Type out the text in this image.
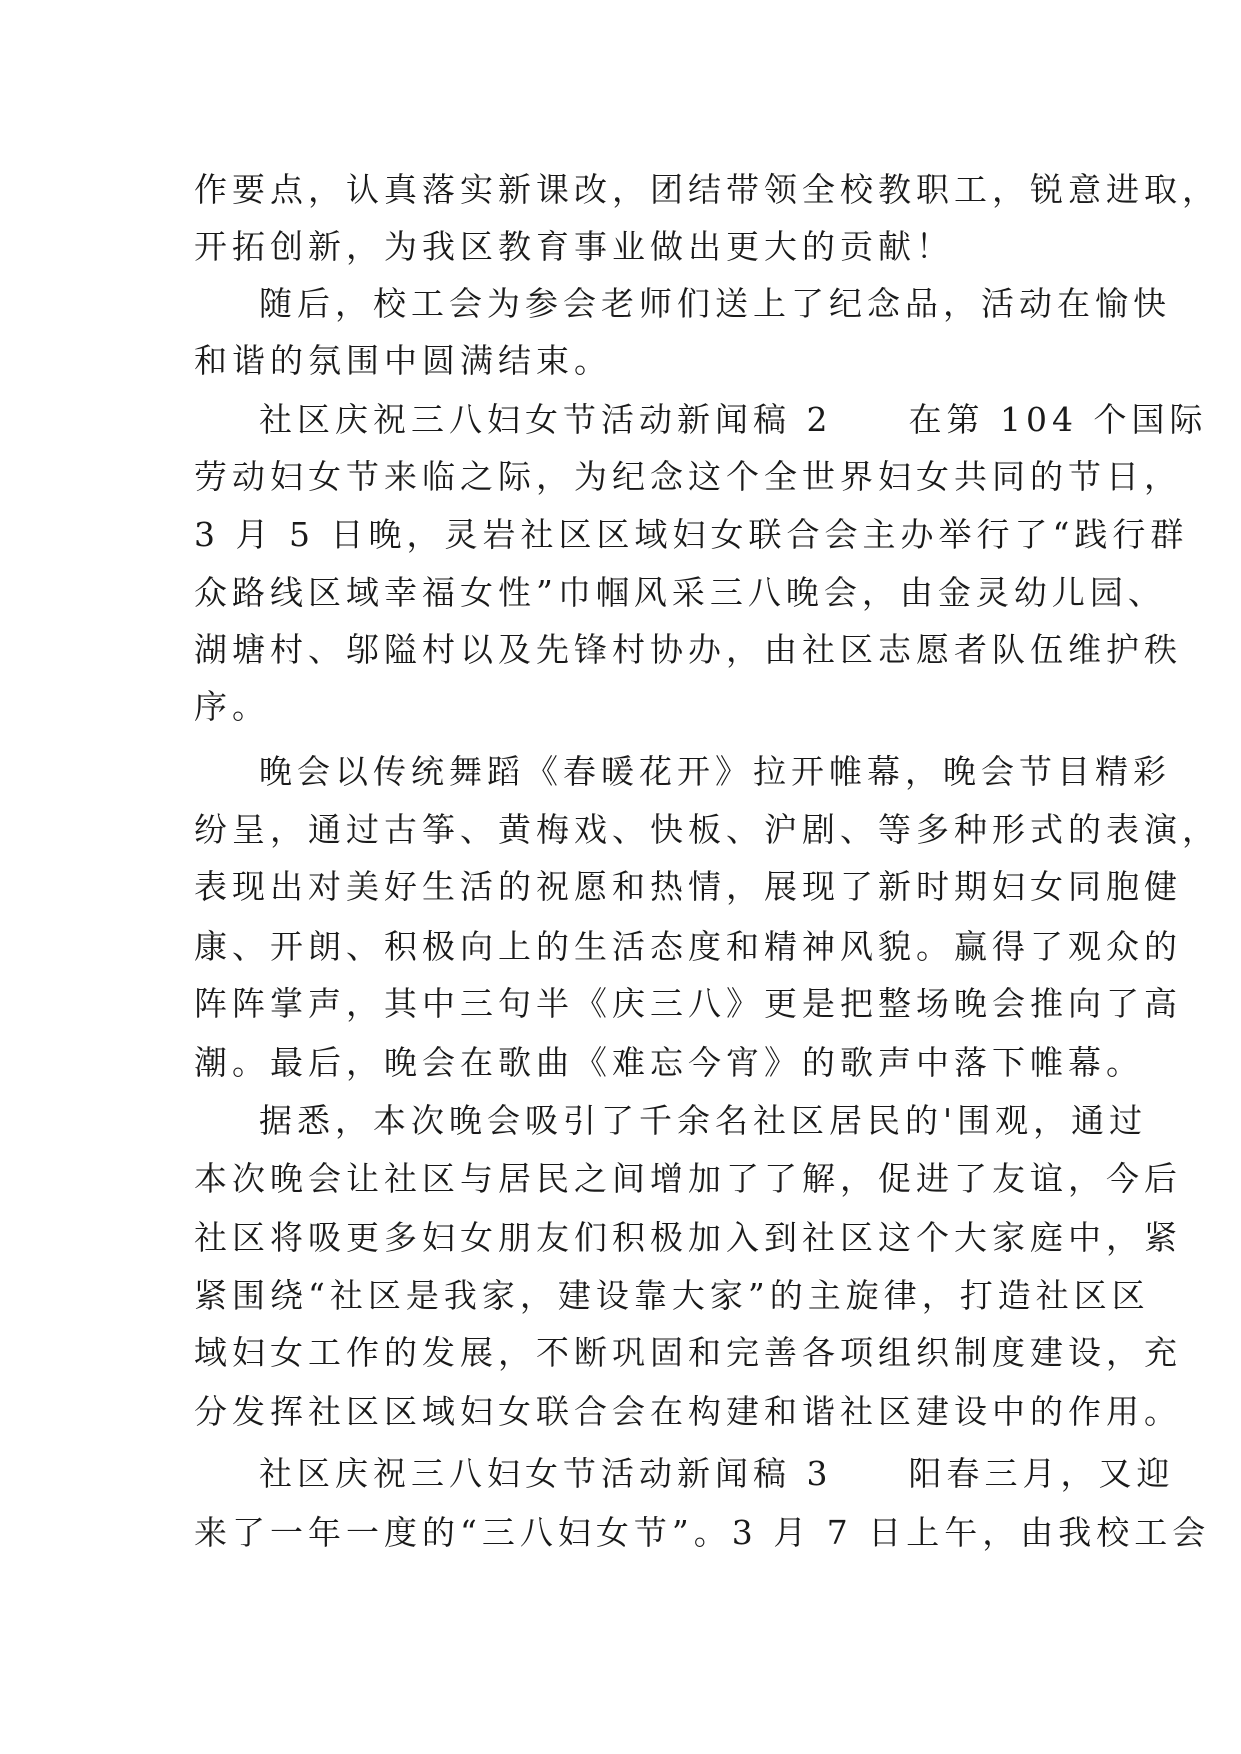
作要点，认真落实新课改，团结带领全校教职工，锐意进取，
开拓创新，为我区教育事业做出更大的贡献！
随后，校工会为参会老师们送上了纪念品，活动在愉快
和谐的氛围中圆满结束。
社区庆祝三八妇女节活动新闻稿 2　　在第 104 个国际
劳动妇女节来临之际，为纪念这个全世界妇女共同的节日，
3 月 5 日晚，灵岩社区区域妇女联合会主办举行了“践行群
众路线区域幸福女性”巾帼风采三八晚会，由金灵幼儿园、
湖塘村、邬隘村以及先锋村协办，由社区志愿者队伍维护秩
序。
晚会以传统舞蹈《春暖花开》拉开帷幕，晚会节目精彩
纷呈，通过古筝、黄梅戏、快板、沪剧、等多种形式的表演，
表现出对美好生活的祝愿和热情，展现了新时期妇女同胞健
康、开朗、积极向上的生活态度和精神风貌。赢得了观众的
阵阵掌声，其中三句半《庆三八》更是把整场晚会推向了高
潮。最后，晚会在歌曲《难忘今宵》的歌声中落下帷幕。
据悉，本次晚会吸引了千余名社区居民的'围观，通过
本次晚会让社区与居民之间增加了了解，促进了友谊，今后
社区将吸更多妇女朋友们积极加入到社区这个大家庭中，紧
紧围绕“社区是我家，建设靠大家”的主旋律，打造社区区
域妇女工作的发展，不断巩固和完善各项组织制度建设，充
分发挥社区区域妇女联合会在构建和谐社区建设中的作用。
社区庆祝三八妇女节活动新闻稿 3　　阳春三月，又迎
来了一年一度的“三八妇女节”。3 月 7 日上午，由我校工会
